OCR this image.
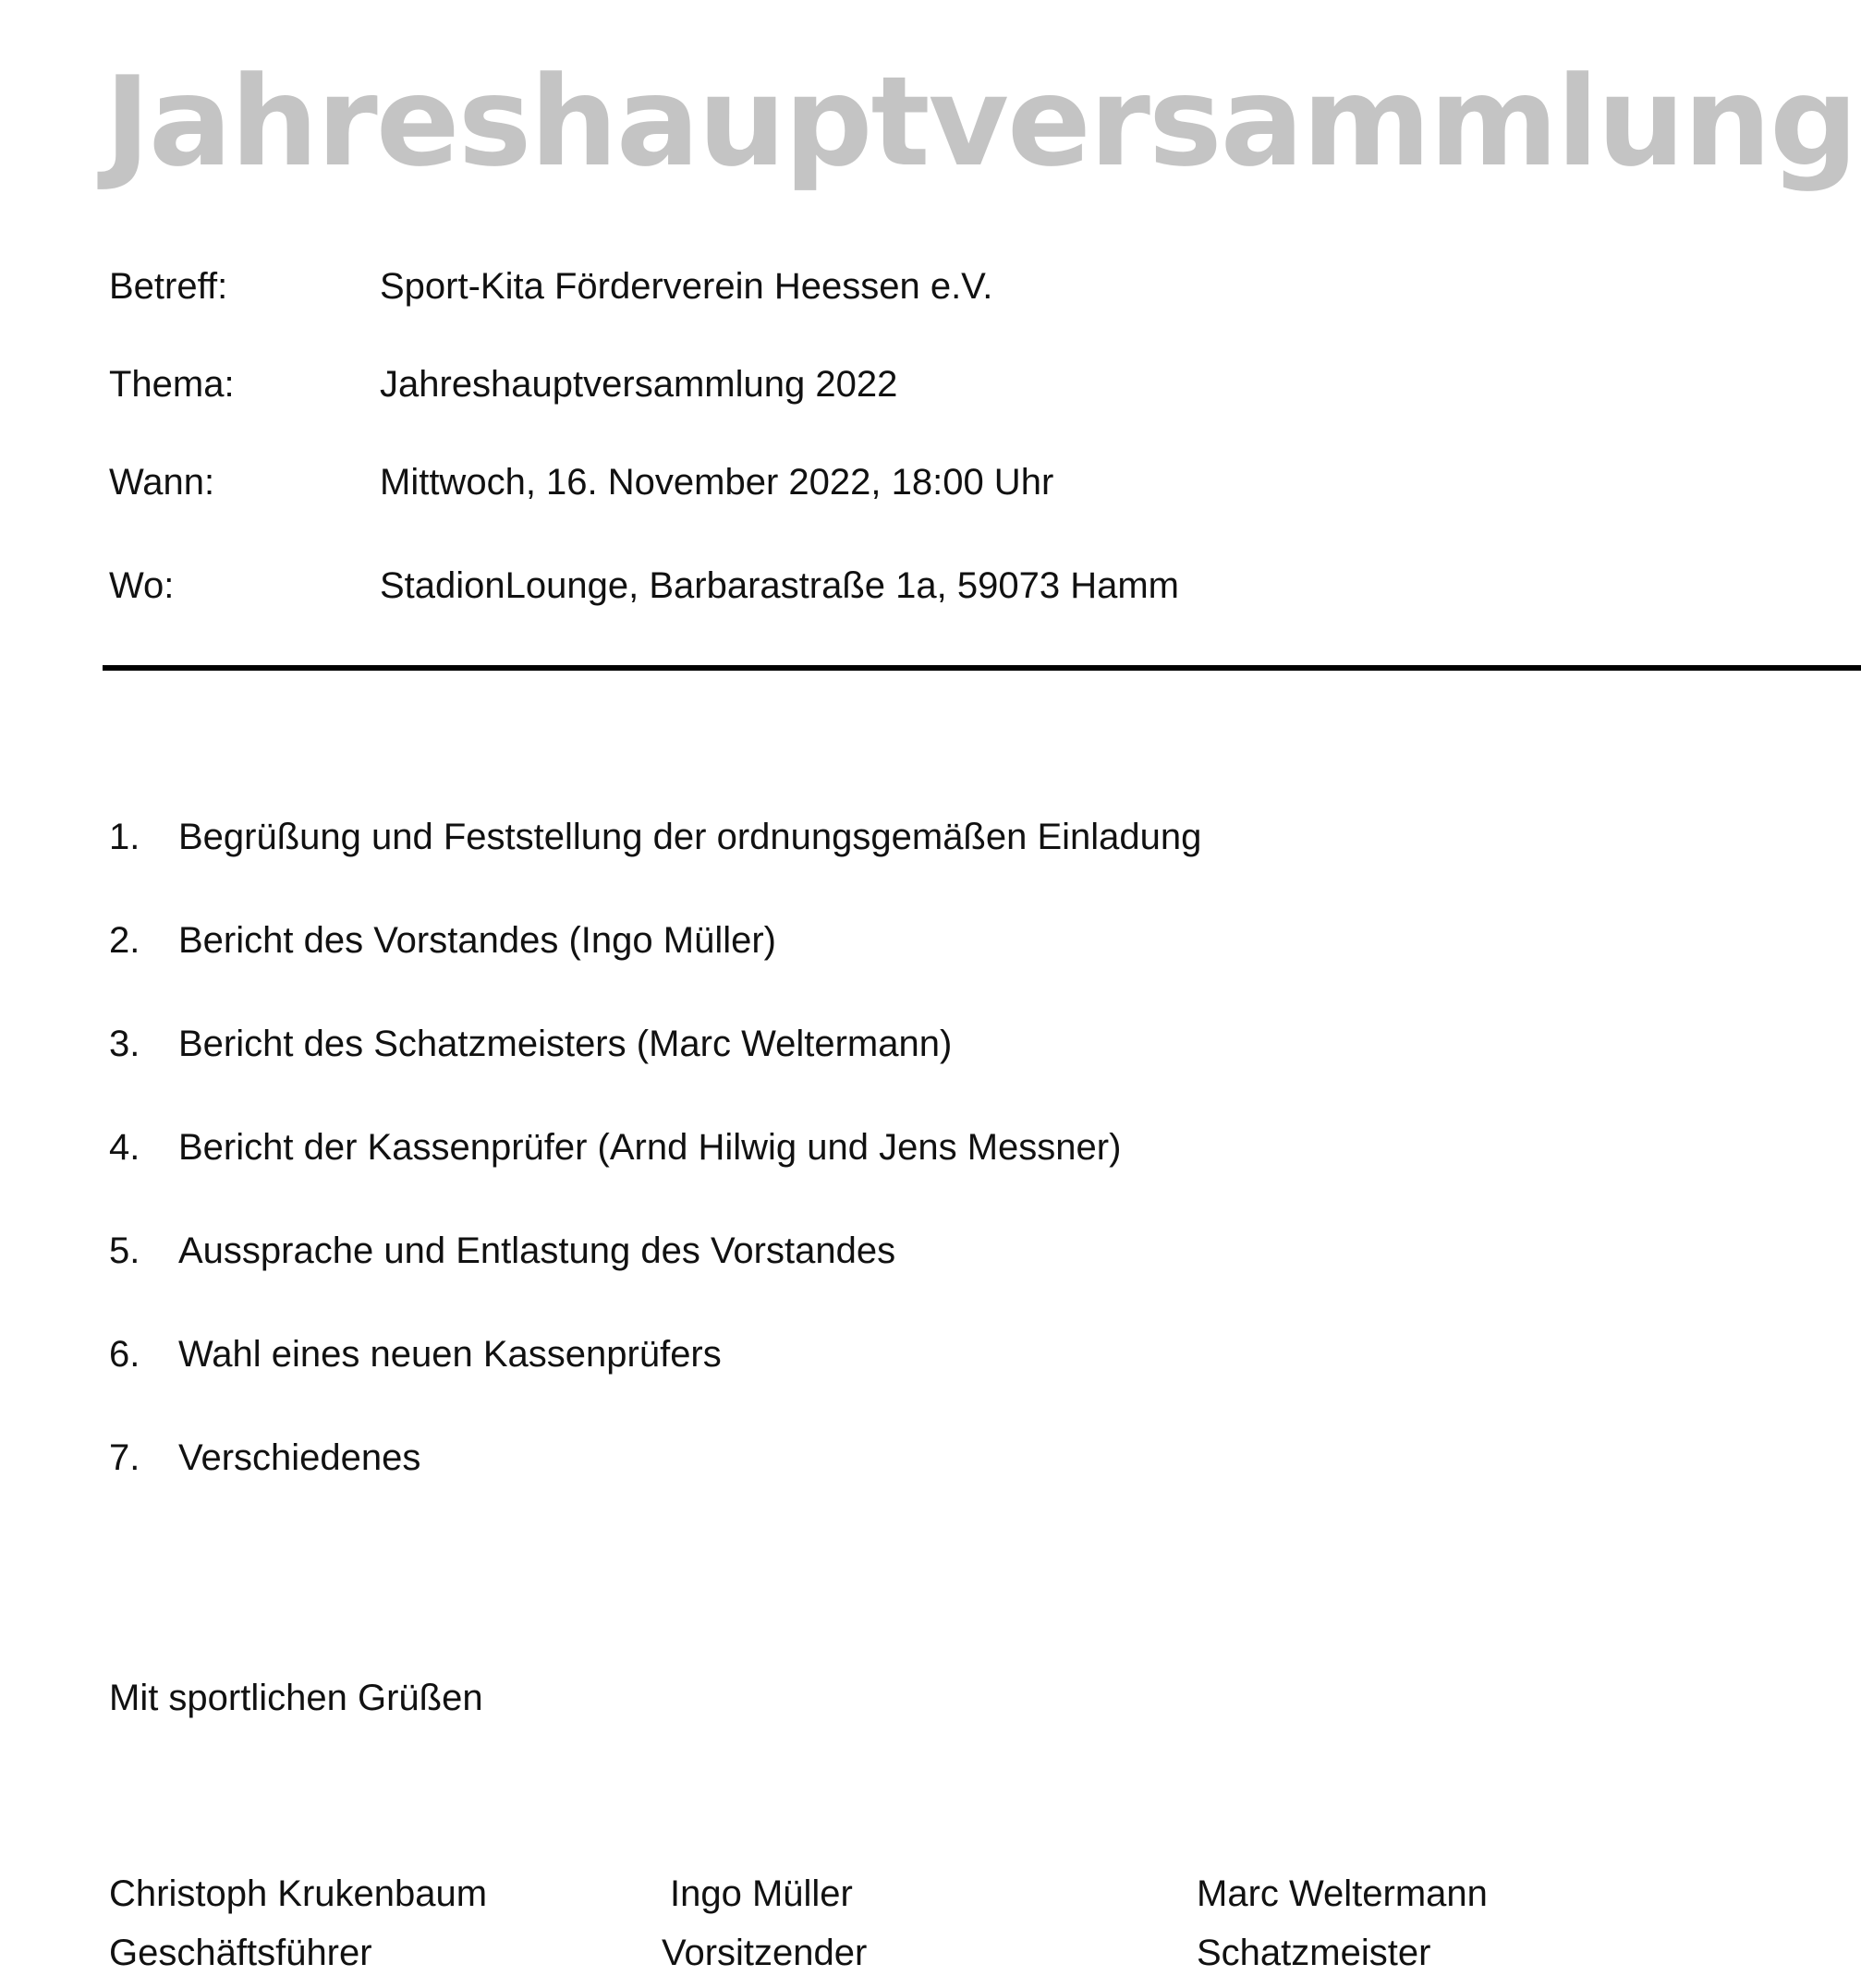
Jahreshauptversammlung
Betreff:	Sport-Kita Förderverein Heessen e.V.
Thema:	Jahreshauptversammlung 2022
Wann:	Mittwoch, 16. November 2022, 18:00 Uhr
Wo:	StadionLounge, Barbarastraße 1a, 59073 Hamm
1. Begrüßung und Feststellung der ordnungsgemäßen Einladung
2. Bericht des Vorstandes (Ingo Müller)
3. Bericht des Schatzmeisters (Marc Weltermann)
4. Bericht der Kassenprüfer (Arnd Hilwig und Jens Messner)
5. Aussprache und Entlastung des Vorstandes
6. Wahl eines neuen Kassenprüfers
7. Verschiedenes
Mit sportlichen Grüßen
Christoph Krukenbaum
Geschäftsführer
Ingo Müller
Vorsitzender
Marc Weltermann
Schatzmeister
